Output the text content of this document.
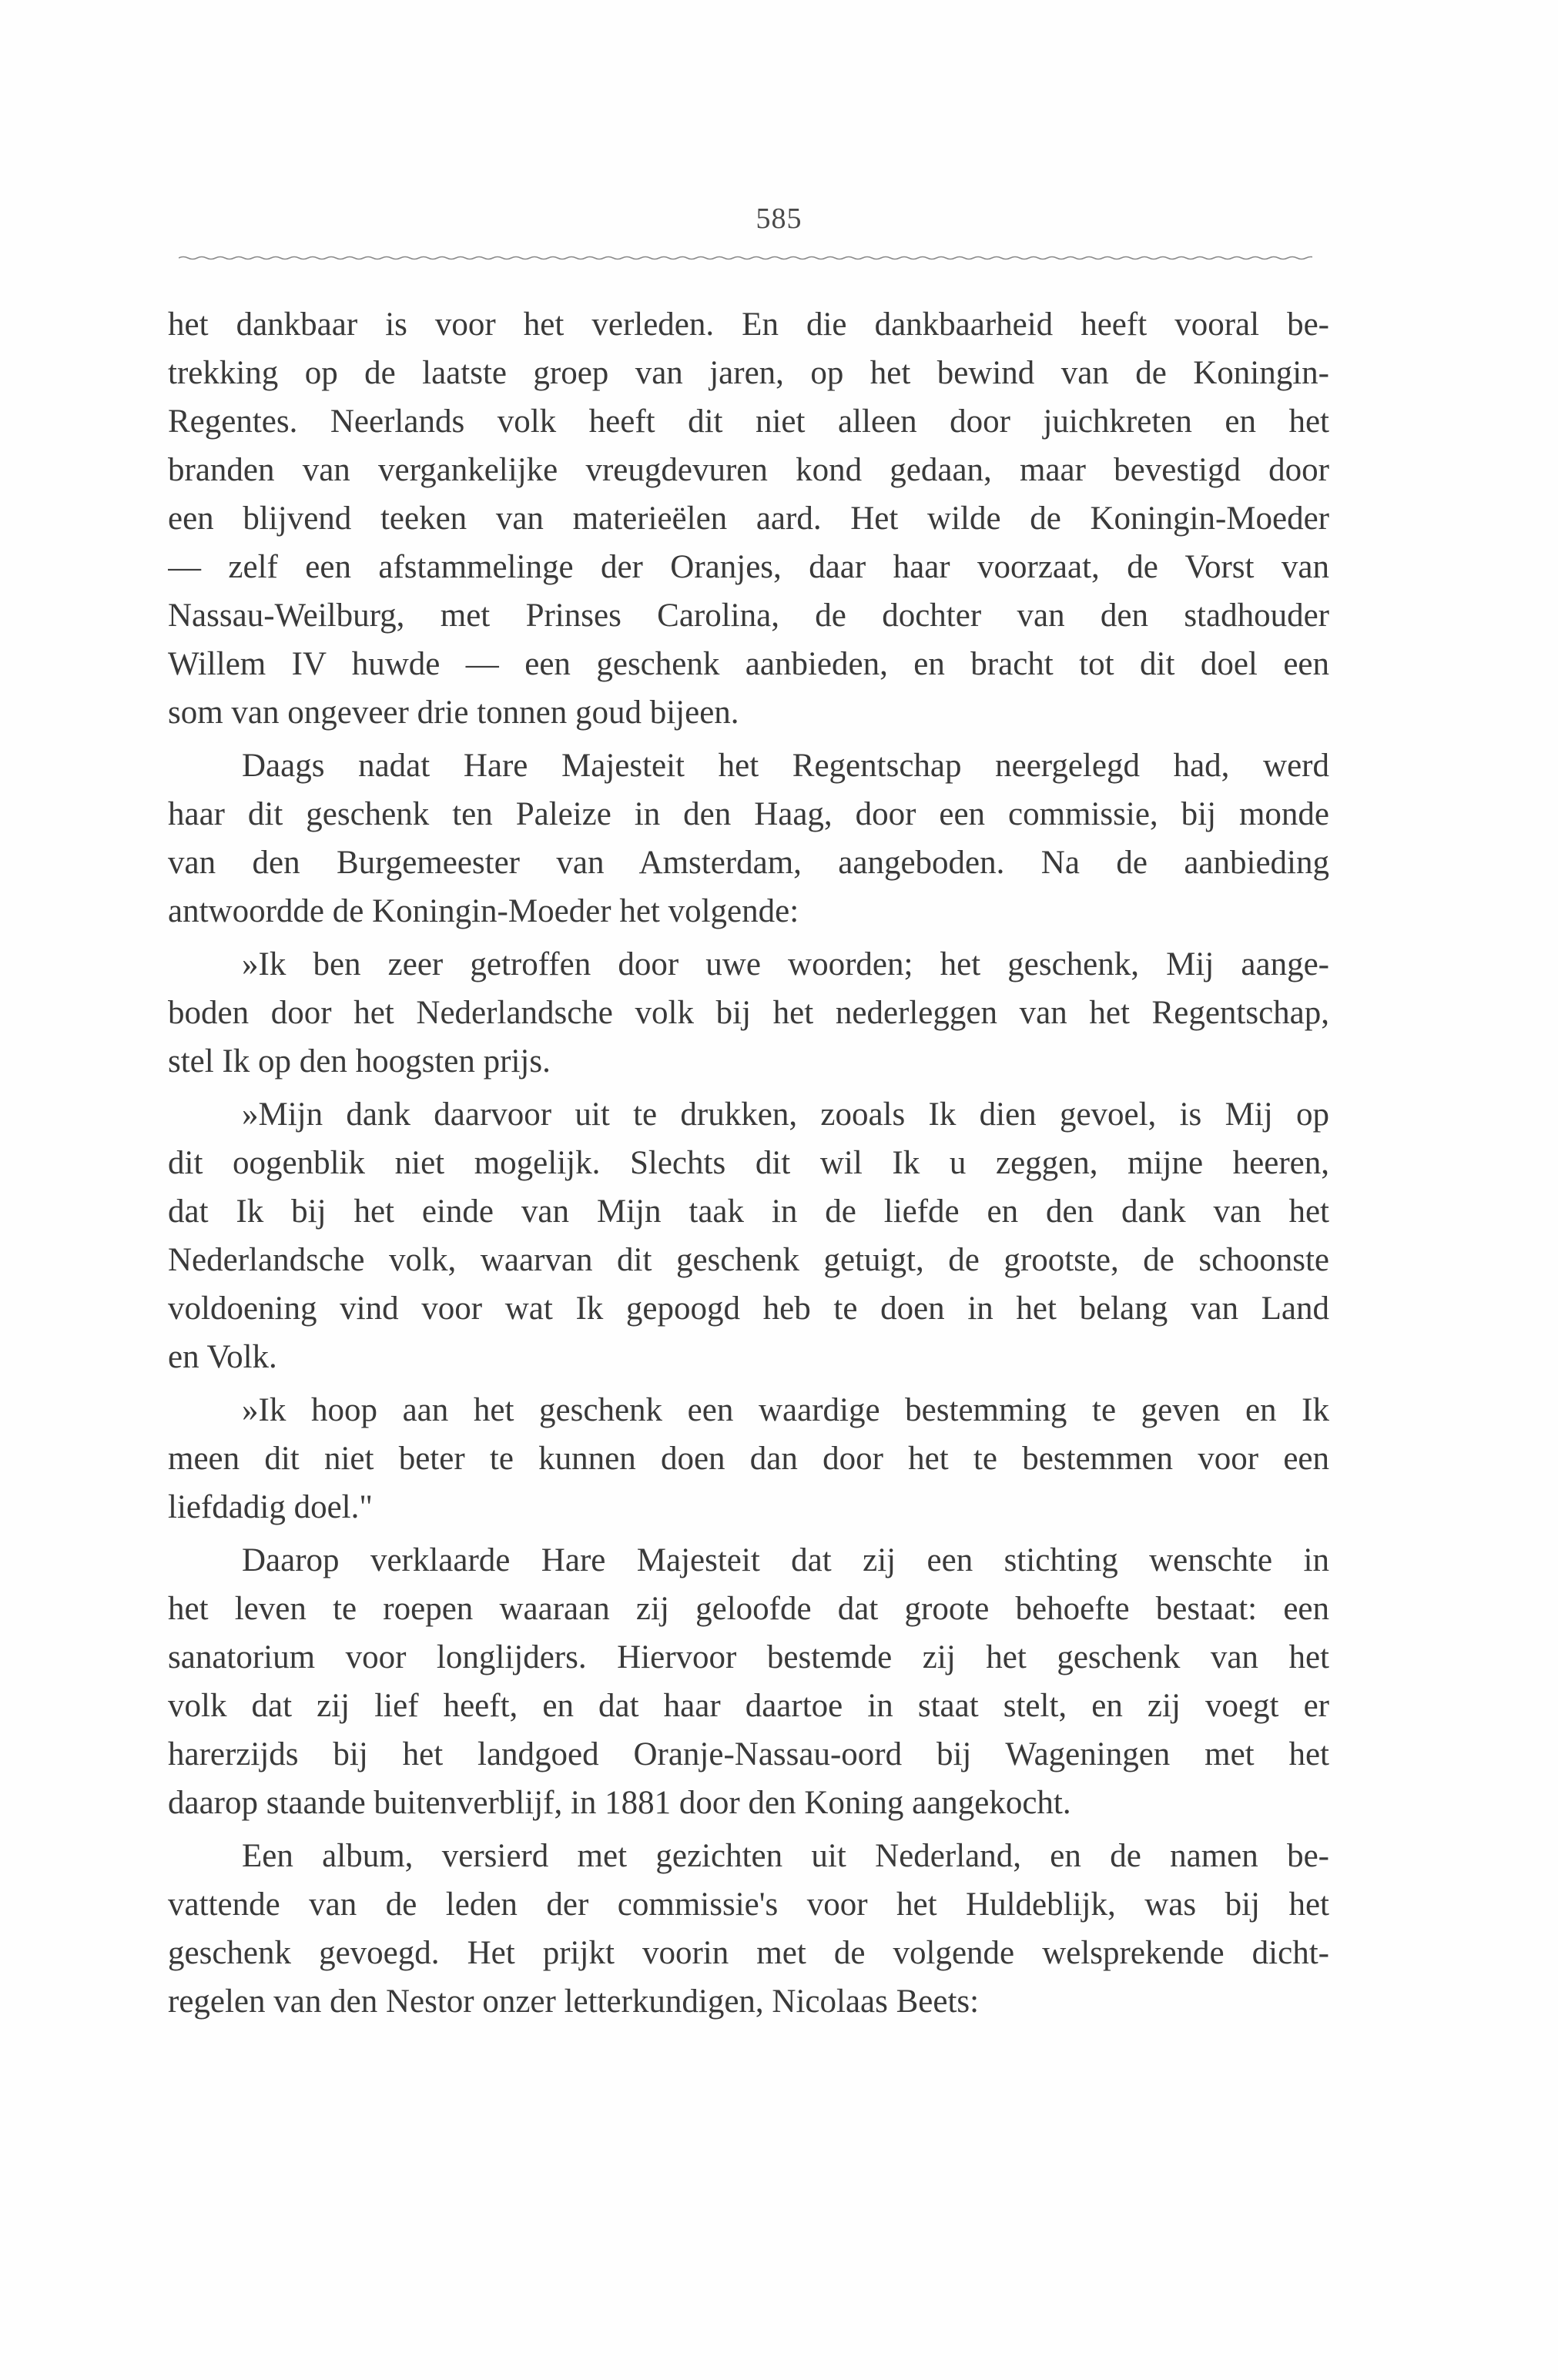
585
het dankbaar is voor het verleden. En die dankbaarheid heeft vooral be-
trekking op de laatste groep van jaren, op het bewind van de Koningin-
Regentes. Neerlands volk heeft dit niet alleen door juichkreten en het
branden van vergankelijke vreugdevuren kond gedaan, maar bevestigd door
een blijvend teeken van materieëlen aard. Het wilde de Koningin-Moeder
— zelf een afstammelinge der Oranjes, daar haar voorzaat, de Vorst van
Nassau-Weilburg, met Prinses Carolina, de dochter van den stadhouder
Willem IV huwde — een geschenk aanbieden, en bracht tot dit doel een
som van ongeveer drie tonnen goud bijeen.
Daags nadat Hare Majesteit het Regentschap neergelegd had, werd
haar dit geschenk ten Paleize in den Haag, door een commissie, bij monde
van den Burgemeester van Amsterdam, aangeboden. Na de aanbieding
antwoordde de Koningin-Moeder het volgende:
»Ik ben zeer getroffen door uwe woorden; het geschenk, Mij aange-
boden door het Nederlandsche volk bij het nederleggen van het Regentschap,
stel Ik op den hoogsten prijs.
»Mijn dank daarvoor uit te drukken, zooals Ik dien gevoel, is Mij op
dit oogenblik niet mogelijk. Slechts dit wil Ik u zeggen, mijne heeren,
dat Ik bij het einde van Mijn taak in de liefde en den dank van het
Nederlandsche volk, waarvan dit geschenk getuigt, de grootste, de schoonste
voldoening vind voor wat Ik gepoogd heb te doen in het belang van Land
en Volk.
»Ik hoop aan het geschenk een waardige bestemming te geven en Ik
meen dit niet beter te kunnen doen dan door het te bestemmen voor een
liefdadig doel."
Daarop verklaarde Hare Majesteit dat zij een stichting wenschte in
het leven te roepen waaraan zij geloofde dat groote behoefte bestaat: een
sanatorium voor longlijders. Hiervoor bestemde zij het geschenk van het
volk dat zij lief heeft, en dat haar daartoe in staat stelt, en zij voegt er
harerzijds bij het landgoed Oranje-Nassau-oord bij Wageningen met het
daarop staande buitenverblijf, in 1881 door den Koning aangekocht.
Een album, versierd met gezichten uit Nederland, en de namen be-
vattende van de leden der commissie's voor het Huldeblijk, was bij het
geschenk gevoegd. Het prijkt voorin met de volgende welsprekende dicht-
regelen van den Nestor onzer letterkundigen, Nicolaas Beets:
